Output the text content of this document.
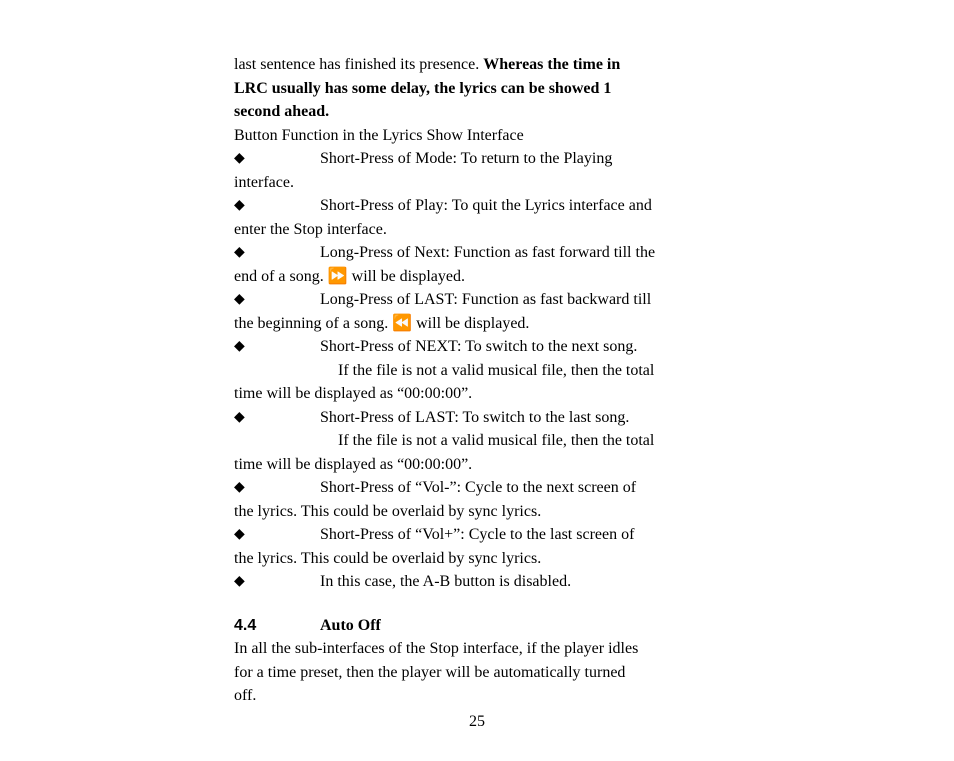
last sentence has finished its presence. Whereas the time in
LRC usually has some delay, the lyrics can be showed 1
second ahead.
Button Function in the Lyrics Show Interface
◆	Short-Press of Mode: To return to the Playing
interface.
◆	Short-Press of Play: To quit the Lyrics interface and
enter the Stop interface.
◆	Long-Press of Next: Function as fast forward till the
end of a song. ⏩ will be displayed.
◆	Long-Press of LAST: Function as fast backward till
the beginning of a song. ⏪ will be displayed.
◆	Short-Press of NEXT: To switch to the next song.
If the file is not a valid musical file, then the total
time will be displayed as “00:00:00”.
◆	Short-Press of LAST: To switch to the last song.
If the file is not a valid musical file, then the total
time will be displayed as “00:00:00”.
◆	Short-Press of “Vol-”: Cycle to the next screen of
the lyrics. This could be overlaid by sync lyrics.
◆	Short-Press of “Vol+”: Cycle to the last screen of
the lyrics. This could be overlaid by sync lyrics.
◆	In this case, the A-B button is disabled.
4.4	Auto Off
In all the sub-interfaces of the Stop interface, if the player idles
for a time preset, then the player will be automatically turned
off.
25
